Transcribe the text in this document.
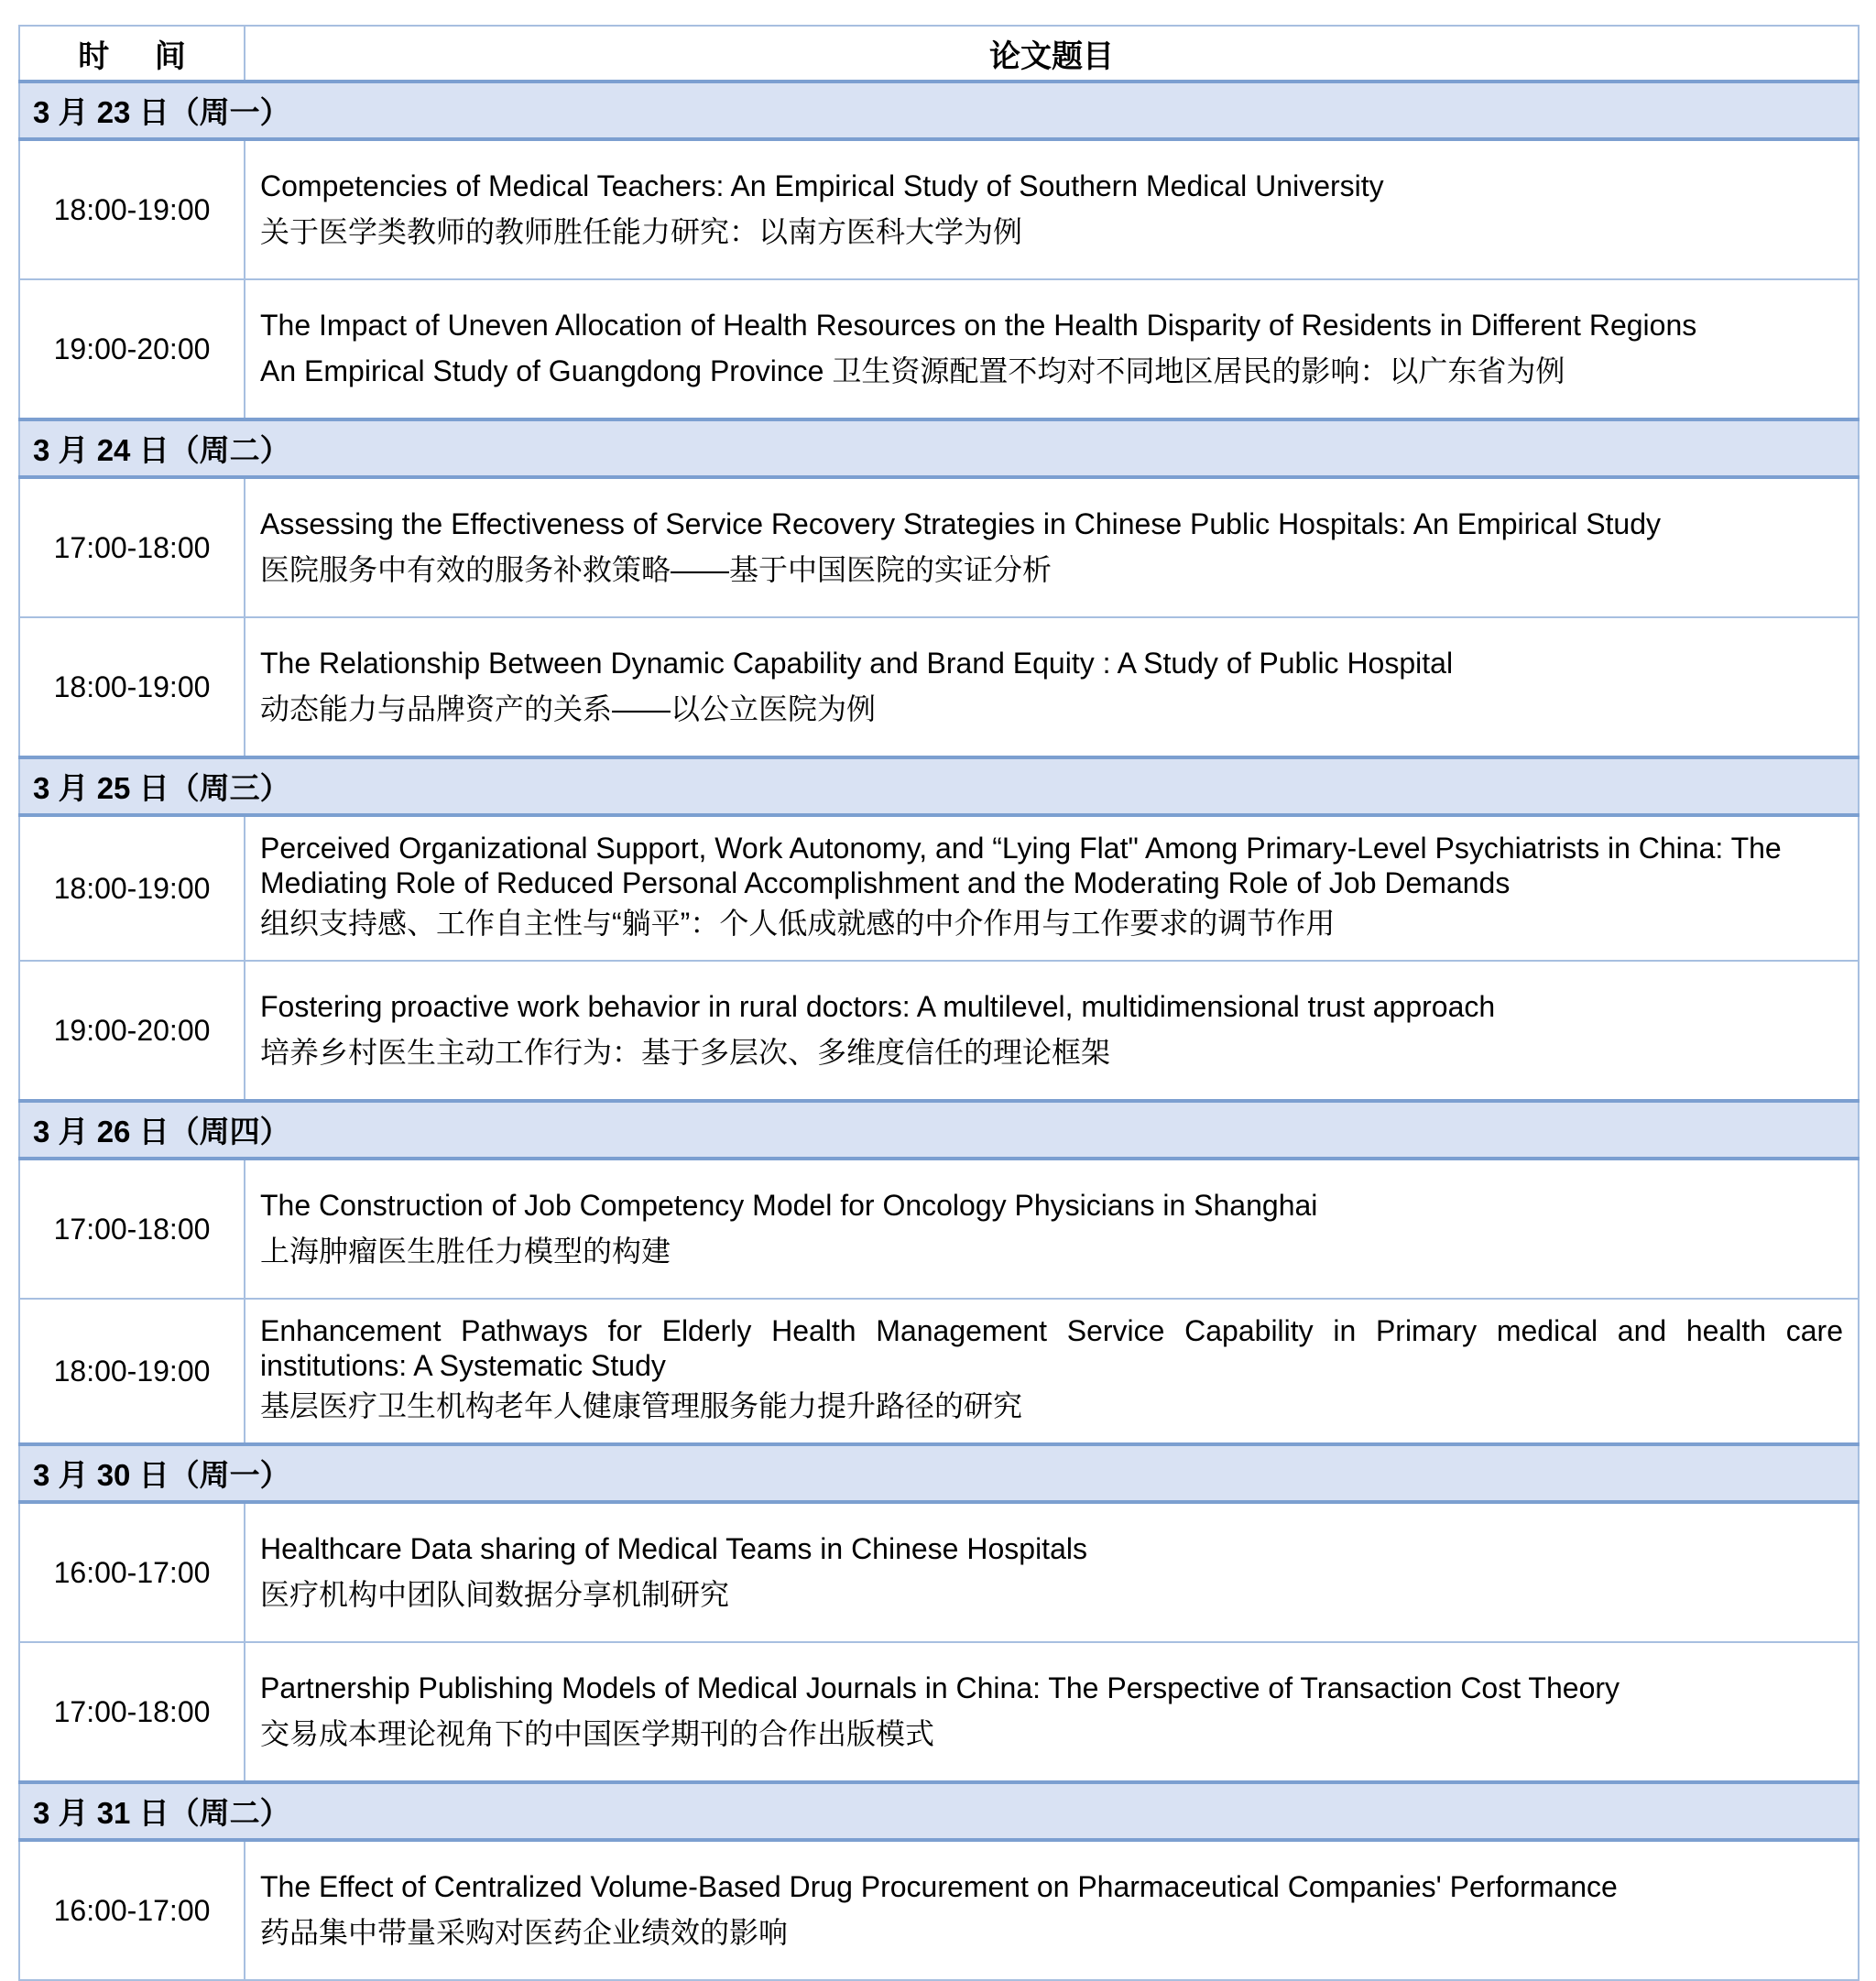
时 间	论文题目
3 月 23 日（周一）	
18:00-19:00	Competencies of Medical Teachers: An Empirical Study of Southern Medical University
关于医学类教师的教师胜任能力研究：以南方医科大学为例

19:00-20:00	The Impact of Uneven Allocation of Health Resources on the Health Disparity of Residents in Different Regions
An Empirical Study of Guangdong Province 卫生资源配置不均对不同地区居民的影响：以广东省为例

3 月 24 日（周二）	
17:00-18:00	Assessing the Effectiveness of Service Recovery Strategies in Chinese Public Hospitals: An Empirical Study
医院服务中有效的服务补救策略——基于中国医院的实证分析

18:00-19:00	The Relationship Between Dynamic Capability and Brand Equity : A Study of Public Hospital
动态能力与品牌资产的关系——以公立医院为例

3 月 25 日（周三）	
18:00-19:00	Perceived Organizational Support, Work Autonomy, and “Lying Flat" Among Primary-Level Psychiatrists in China: The Mediating Role of Reduced Personal Accomplishment and the Moderating Role of Job Demands
组织支持感、工作自主性与“躺平”：个人低成就感的中介作用与工作要求的调节作用

19:00-20:00	Fostering proactive work behavior in rural doctors: A multilevel, multidimensional trust approach
培养乡村医生主动工作行为：基于多层次、多维度信任的理论框架

3 月 26 日（周四）	
17:00-18:00	The Construction of Job Competency Model for Oncology Physicians in Shanghai
上海肿瘤医生胜任力模型的构建

18:00-19:00	Enhancement Pathways for Elderly Health Management Service Capability in Primary medical and health care institutions: A Systematic Study
基层医疗卫生机构老年人健康管理服务能力提升路径的研究

3 月 30 日（周一）	
16:00-17:00	Healthcare Data sharing of Medical Teams in Chinese Hospitals
医疗机构中团队间数据分享机制研究

17:00-18:00	Partnership Publishing Models of Medical Journals in China: The Perspective of Transaction Cost Theory
交易成本理论视角下的中国医学期刊的合作出版模式

3 月 31 日（周二）	
16:00-17:00	The Effect of Centralized Volume-Based Drug Procurement on Pharmaceutical Companies' Performance
药品集中带量采购对医药企业绩效的影响
